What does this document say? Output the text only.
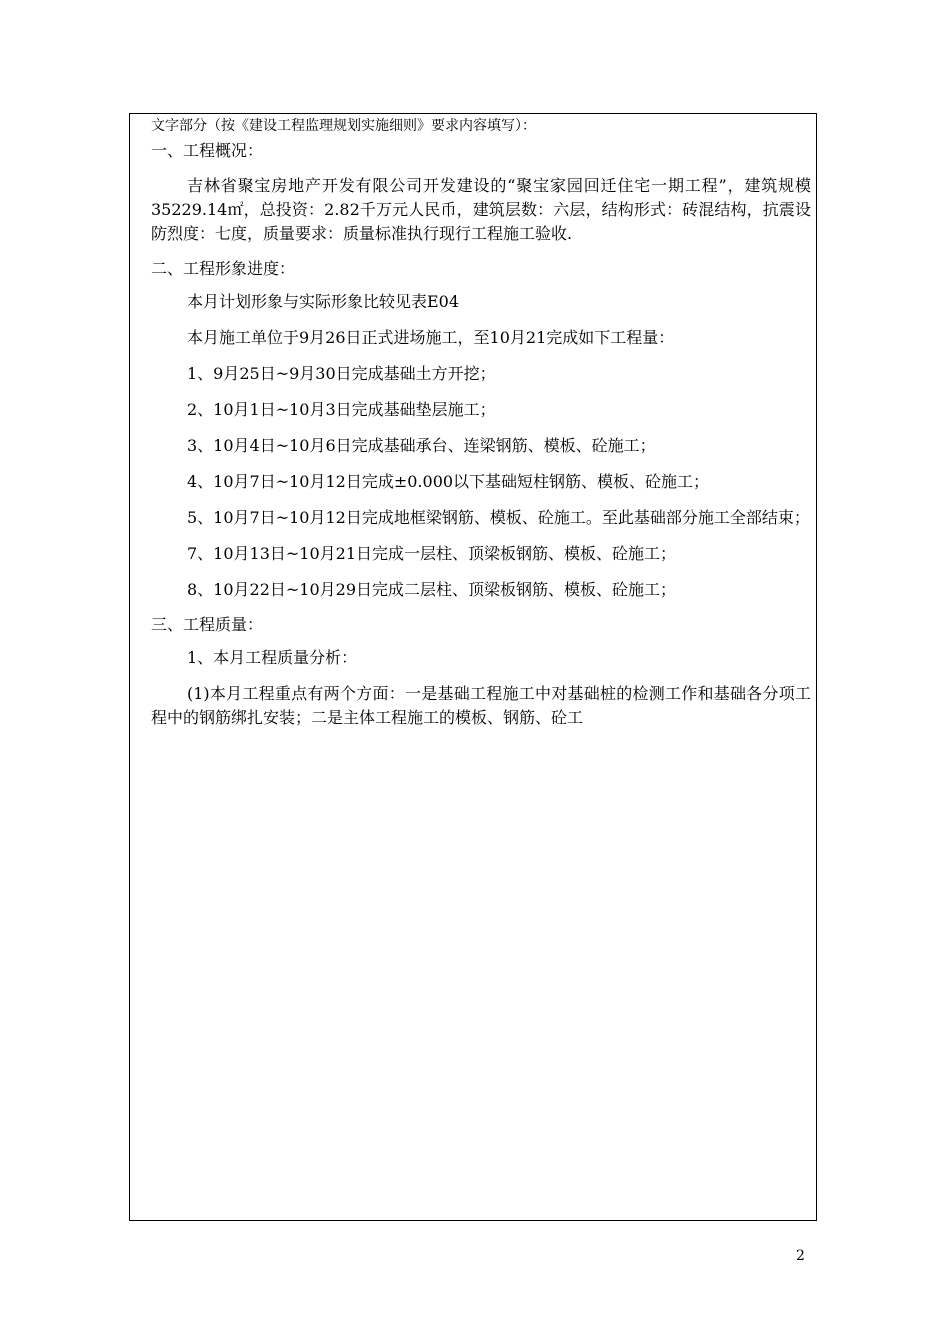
文字部分（按《建设工程监理规划实施细则》要求内容填写）：

一、工程概况：

吉林省聚宝房地产开发有限公司开发建设的“聚宝家园回迁住宅一期工程”，建筑规模35229.14㎡，总投资：2.82千万元人民币，建筑层数：六层，结构形式：砖混结构，抗震设防烈度：七度，质量要求：质量标准执行现行工程施工验收.

二、工程形象进度：

本月计划形象与实际形象比较见表E04

本月施工单位于9月26日正式进场施工，至10月21完成如下工程量：

1、9月25日~9月30日完成基础土方开挖；

2、10月1日~10月3日完成基础垫层施工；

3、10月4日~10月6日完成基础承台、连梁钢筋、模板、砼施工；

4、10月7日~10月12日完成±0.000以下基础短柱钢筋、模板、砼施工；

5、10月7日~10月12日完成地框梁钢筋、模板、砼施工。至此基础部分施工全部结束；

7、10月13日~10月21日完成一层柱、顶梁板钢筋、模板、砼施工；

8、10月22日~10月29日完成二层柱、顶梁板钢筋、模板、砼施工；

三、工程质量：

1、本月工程质量分析：

(1)本月工程重点有两个方面：一是基础工程施工中对基础桩的检测工作和基础各分项工程中的钢筋绑扎安装；二是主体工程施工的模板、钢筋、砼工

2
